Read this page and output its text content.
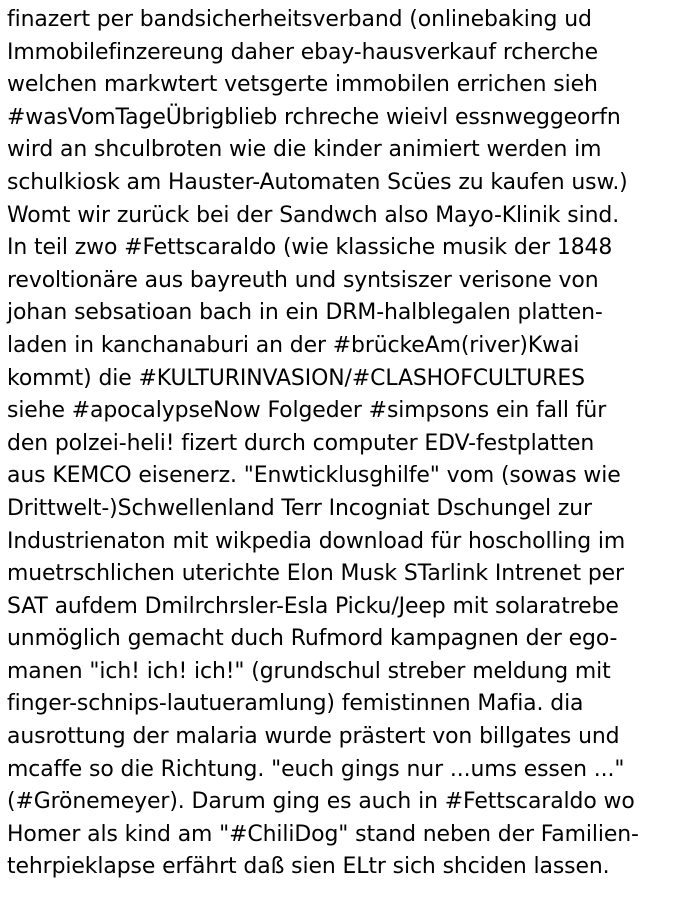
finazert per bandsicherheitsverband (onlinebaking ud
Immobilefinzereung daher ebay-hausverkauf rcherche
welchen markwtert vetsgerte immobilen errichen sieh
#wasVomTageÜbrigblieb rchreche wieivl essnweggeorfn
wird an shculbroten wie die kinder animiert werden im
schulkiosk am Hauster-Automaten Scües zu kaufen usw.)
Womt wir zurück bei der Sandwch also Mayo-Klinik sind.
In teil zwo #Fettscaraldo (wie klassiche musik der 1848
revoltionäre aus bayreuth und syntsiszer verisone von
johan sebsatioan bach in ein DRM-halblegalen platten-
laden in kanchanaburi an der #brückeAm(river)Kwai
kommt) die #KULTURINVASION/#CLASHOFCULTURES
siehe #apocalypseNow Folgeder #simpsons ein fall für
den polzei-heli! fizert durch computer EDV-festplatten
aus KEMCO eisenerz. "Enwticklusghilfe" vom (sowas wie
Drittwelt-)Schwellenland Terr Incogniat Dschungel zur
Industrienaton mit wikpedia download für hoscholling im
muetrschlichen uterichte Elon Musk STarlink Intrenet per
SAT aufdem Dmilrchrsler-Esla Picku/Jeep mit solaratrebe
unmöglich gemacht duch Rufmord kampagnen der ego-
manen "ich! ich! ich!" (grundschul streber meldung mit
finger-schnips-lautueramlung) femistinnen Mafia. dia
ausrottung der malaria wurde prästert von billgates und
mcaffe so die Richtung. "euch gings nur ...ums essen ..."
(#Grönemeyer). Darum ging es auch in #Fettscaraldo wo
Homer als kind am "#ChiliDog" stand neben der Familien-
tehrpieklapse erfährt daß sien ELtr sich shciden lassen.
